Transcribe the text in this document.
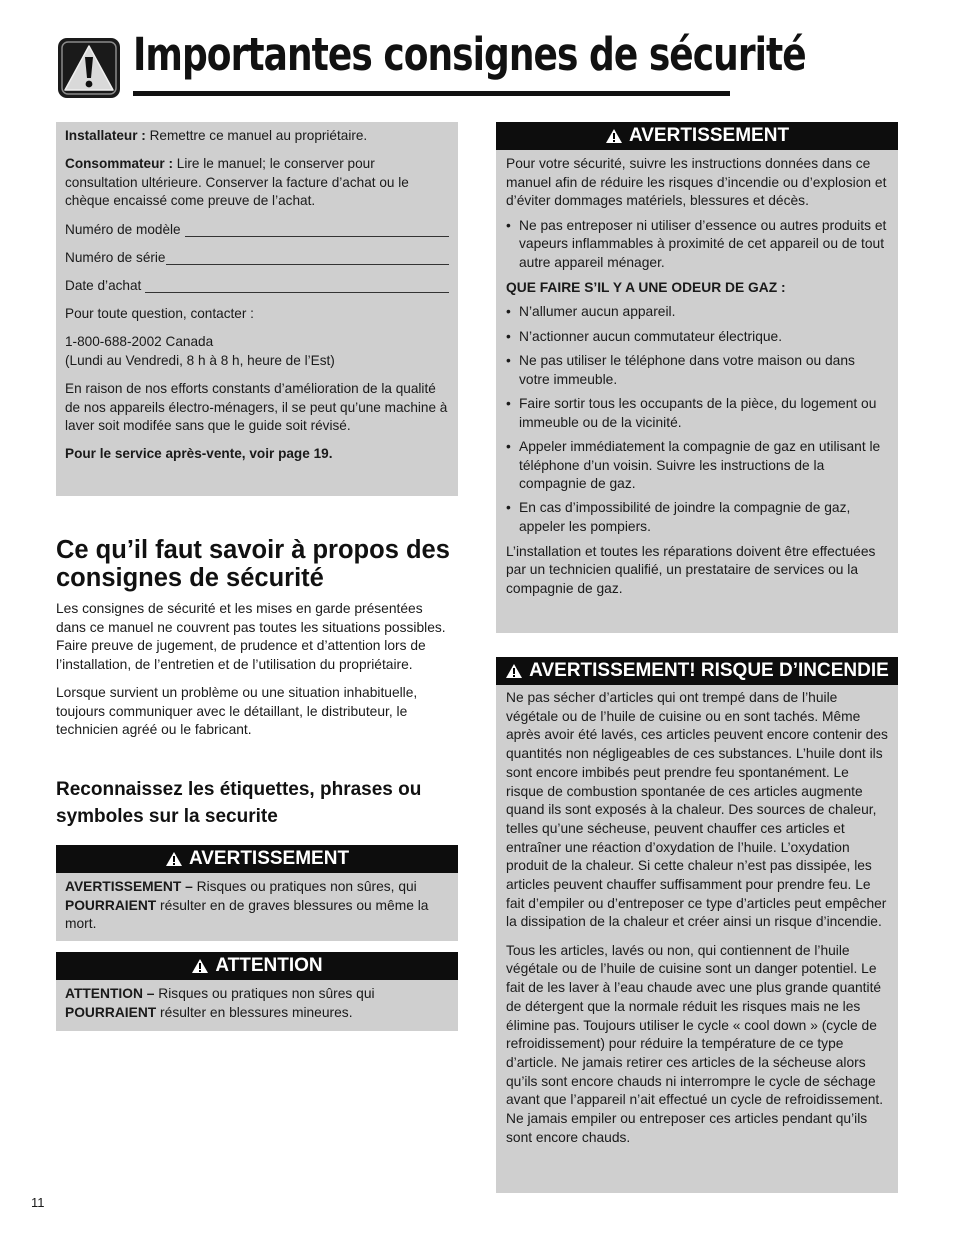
Importantes consignes de sécurité

Installateur : Remettre ce manuel au propriétaire.

Consommateur : Lire le manuel; le conserver pour consultation ultérieure. Conserver la facture d’achat ou le chèque encaissé come preuve de l’achat.

Numéro de modèle
Numéro de série
Date d’achat

Pour toute question, contacter :

1-800-688-2002 Canada
(Lundi au Vendredi, 8 h à 8 h, heure de l’Est)

En raison de nos efforts constants d’amélioration de la qualité de nos appareils électro-ménagers, il se peut qu’une machine à laver soit modifée sans que le guide soit révisé.

Pour le service après-vente, voir page 19.

Ce qu’il faut savoir à propos des consignes de sécurité

Les consignes de sécurité et les mises en garde présentées dans ce manuel ne couvrent pas toutes les situations possibles. Faire preuve de jugement, de prudence et d’attention lors de l’installation, de l’entretien et de l’utilisation du propriétaire.

Lorsque survient un problème ou une situation inhabituelle, toujours communiquer avec le détaillant, le distributeur, le technicien agréé ou le fabricant.

Reconnaissez les étiquettes, phrases ou symboles sur la securite
AVERTISSEMENT
AVERTISSEMENT – Risques ou pratiques non sûres, qui POURRAIENT résulter en de graves blessures ou même la mort.
ATTENTION
ATTENTION – Risques ou pratiques non sûres qui POURRAIENT résulter en blessures mineures.
AVERTISSEMENT

Pour votre sécurité, suivre les instructions données dans ce manuel afin de réduire les risques d’incendie ou d’explosion et d’éviter dommages matériels, blessures et décès.

• Ne pas entreposer ni utiliser d’essence ou autres produits et vapeurs inflammables à proximité de cet appareil ou de tout autre appareil ménager.

QUE FAIRE S’IL Y A UNE ODEUR DE GAZ :

• N’allumer aucun appareil.
• N’actionner aucun commutateur électrique.
• Ne pas utiliser le téléphone dans votre maison ou dans votre immeuble.
• Faire sortir tous les occupants de la pièce, du logement ou immeuble ou de la vicinité.
• Appeler immédiatement la compagnie de gaz en utilisant le téléphone d’un voisin. Suivre les instructions de la compagnie de gaz.
• En cas d’impossibilité de joindre la compagnie de gaz, appeler les pompiers.

L’installation et toutes les réparations doivent être effectuées par un technicien qualifié, un prestataire de services ou la compagnie de gaz.

AVERTISSEMENT! RISQUE D’INCENDIE

Ne pas sécher d’articles qui ont trempé dans de l’huile végétale ou de l’huile de cuisine ou en sont tachés. Même après avoir été lavés, ces articles peuvent encore contenir des quantités non négligeables de ces substances. L’huile dont ils sont encore imbibés peut prendre feu spontanément. Le risque de combustion spontanée de ces articles augmente quand ils sont exposés à la chaleur. Des sources de chaleur, telles qu’une sécheuse, peuvent chauffer ces articles et entraîner une réaction d’oxydation de l’huile. L’oxydation produit de la chaleur. Si cette chaleur n’est pas dissipée, les articles peuvent chauffer suffisamment pour prendre feu. Le fait d’empiler ou d’entreposer ce type d’articles peut empêcher la dissipation de la chaleur et créer ainsi un risque d’incendie.

Tous les articles, lavés ou non, qui contiennent de l’huile végétale ou de l’huile de cuisine sont un danger potentiel. Le fait de les laver à l’eau chaude avec une plus grande quantité de détergent que la normale réduit les risques mais ne les élimine pas. Toujours utiliser le cycle « cool down » (cycle de refroidissement) pour réduire la température de ce type d’article. Ne jamais retirer ces articles de la sécheuse alors qu’ils sont encore chauds ni interrompre le cycle de séchage avant que l’appareil n’ait effectué un cycle de refroidissement. Ne jamais empiler ou entreposer ces articles pendant qu’ils sont encore chauds.

11
